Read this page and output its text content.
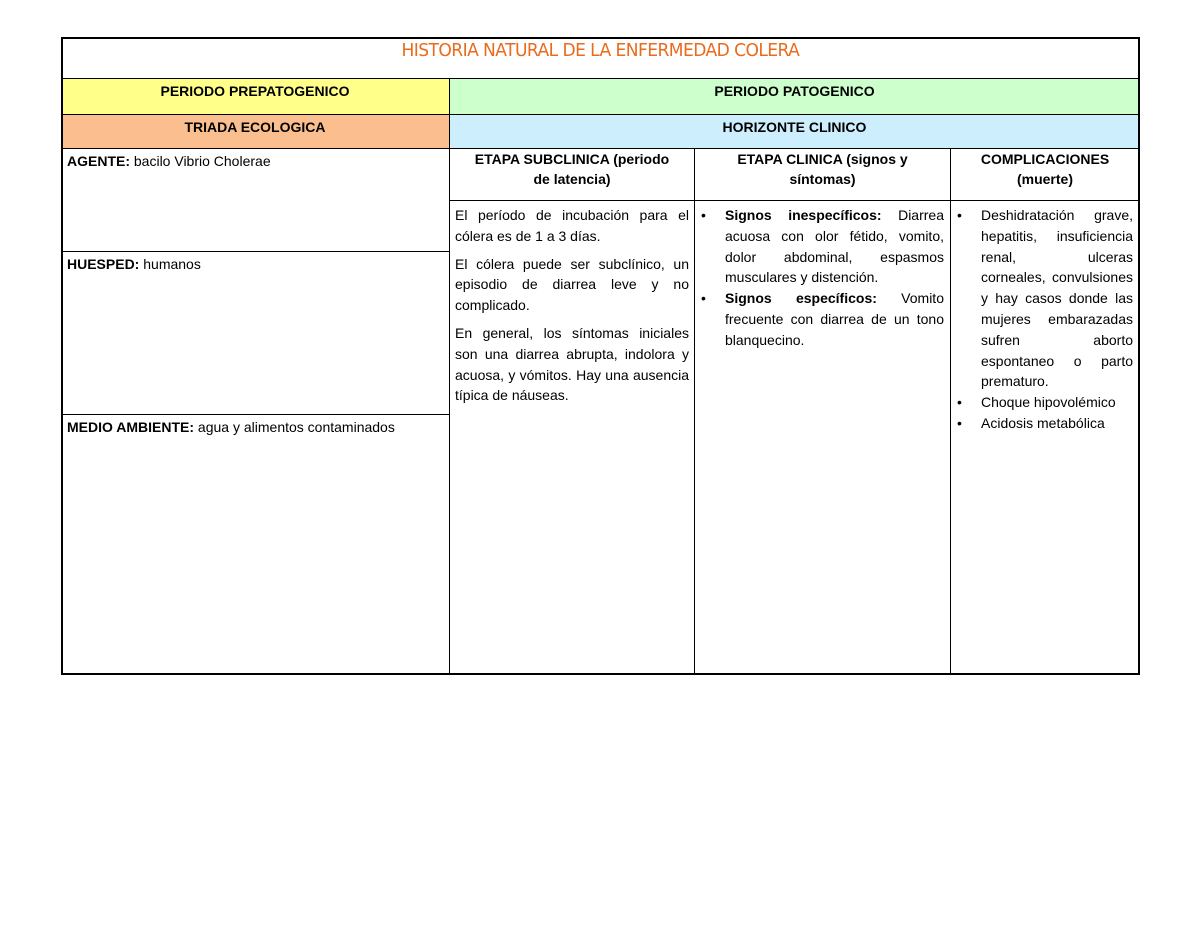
HISTORIA NATURAL DE LA ENFERMEDAD COLERA
PERIODO PREPATOGENICO	PERIODO PATOGENICO
TRIADA ECOLOGICA	HORIZONTE CLINICO
AGENTE: bacilo Vibrio Cholerae
HUESPED: humanos
MEDIO AMBIENTE: agua y alimentos contaminados
ETAPA SUBCLINICA (periodo de latencia)
ETAPA CLINICA (signos y síntomas)
COMPLICACIONES (muerte)

El período de incubación para el cólera es de 1 a 3 días.

El cólera puede ser subclínico, un episodio de diarrea leve y no complicado.

En general, los síntomas iniciales son una diarrea abrupta, indolora y acuosa, y vómitos. Hay una ausencia típica de náuseas.

• Signos inespecíficos: Diarrea acuosa con olor fétido, vomito, dolor abdominal, espasmos musculares y distención.
• Signos específicos: Vomito frecuente con diarrea de un tono blanquecino.
• Deshidratación grave, hepatitis, insuficiencia renal, ulceras corneales, convulsiones y hay casos donde las mujeres embarazadas sufren aborto espontaneo o parto prematuro.
• Choque hipovolémico
• Acidosis metabólica
